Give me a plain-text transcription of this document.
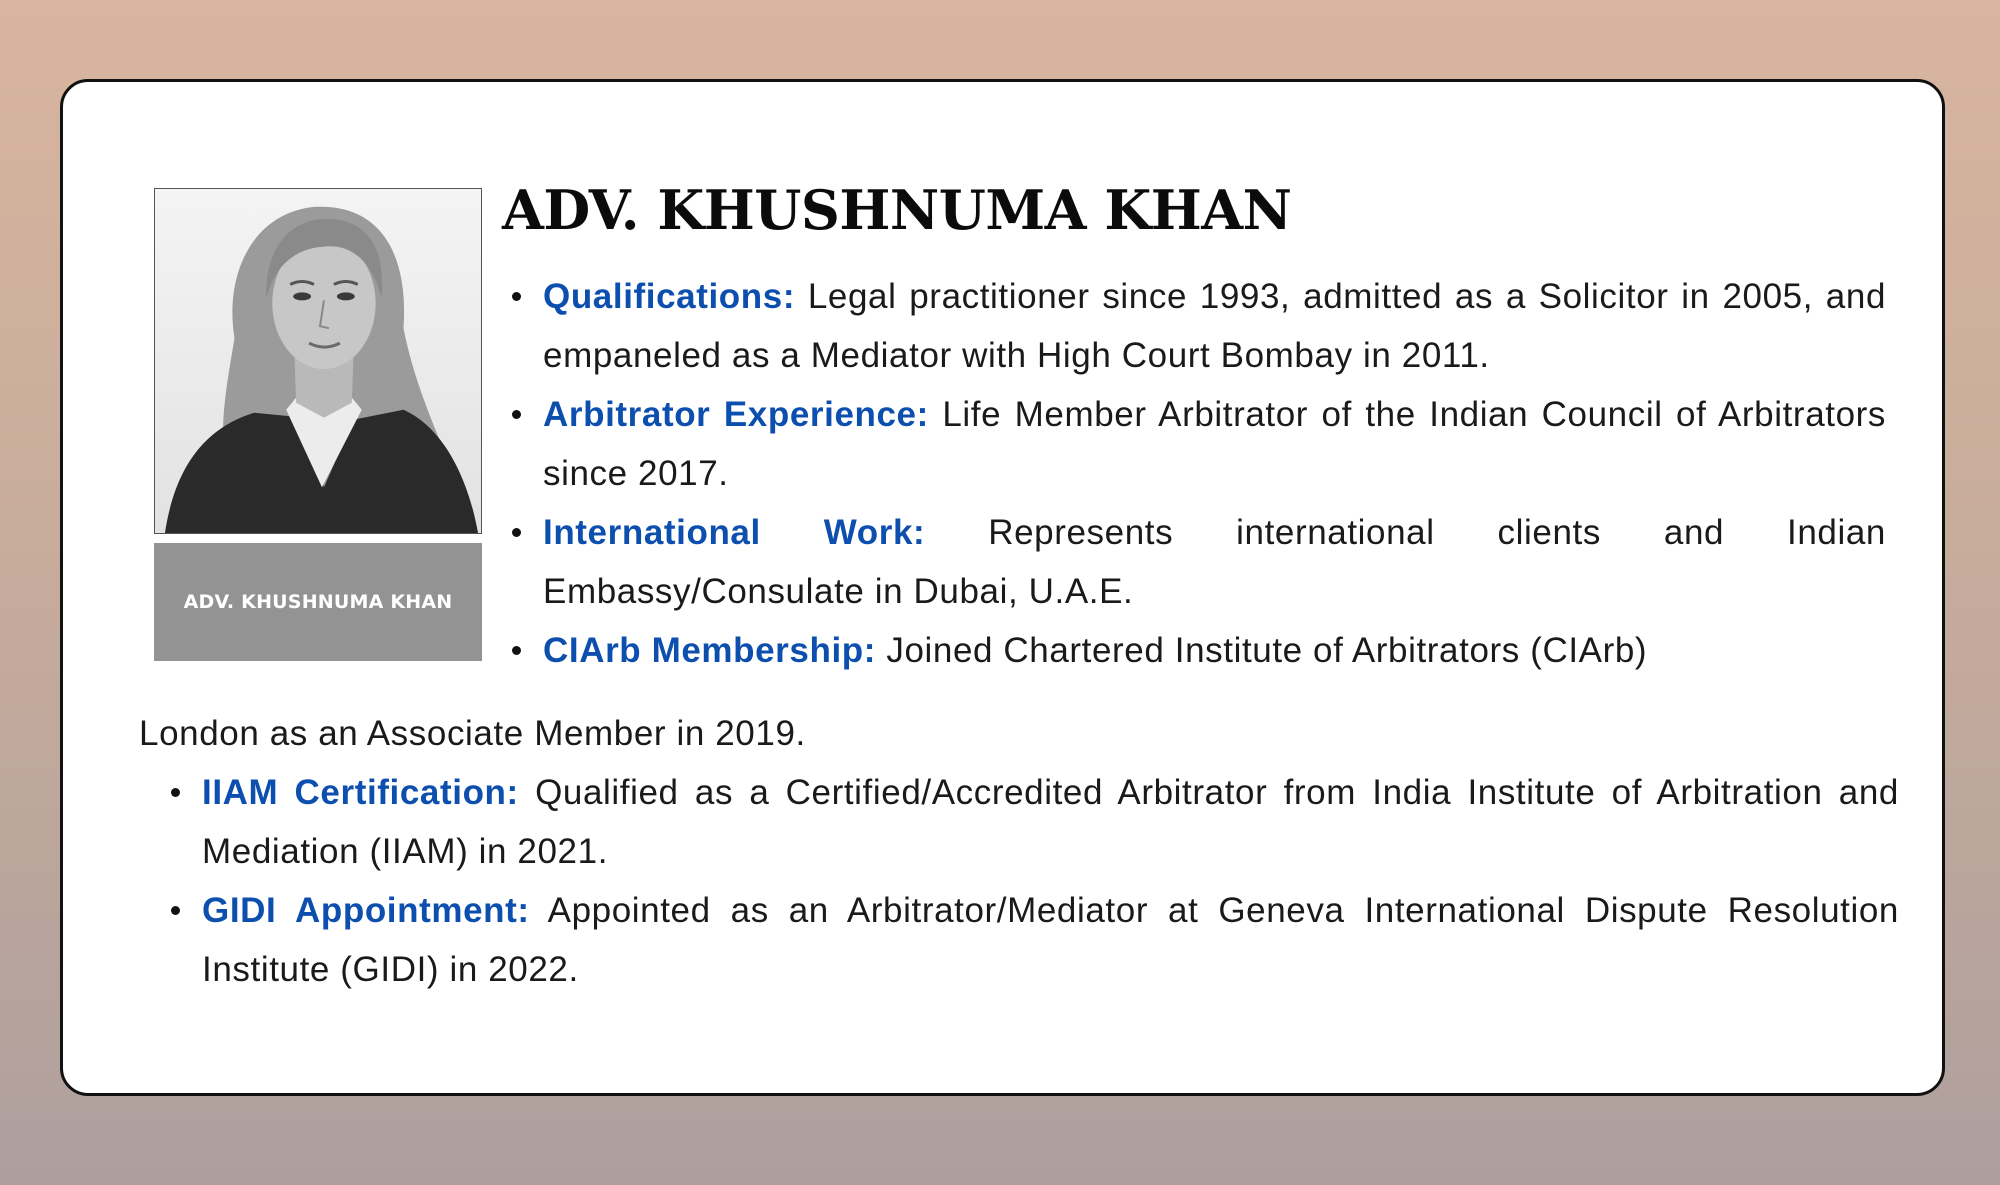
ADV. KHUSHNUMA KHAN
ADV. KHUSHNUMA KHAN
Qualifications: Legal practitioner since 1993, admitted as a Solicitor in 2005, and empaneled as a Mediator with High Court Bombay in 2011.
Arbitrator Experience: Life Member Arbitrator of the Indian Council of Arbitrators since 2017.
International Work: Represents international clients and Indian Embassy/Consulate in Dubai, U.A.E.
CIArb Membership: Joined Chartered Institute of Arbitrators (CIArb)

London as an Associate Member in 2019.

IIAM Certification: Qualified as a Certified/Accredited Arbitrator from India Institute of Arbitration and Mediation (IIAM) in 2021.
GIDI Appointment: Appointed as an Arbitrator/Mediator at Geneva International Dispute Resolution Institute (GIDI) in 2022.
